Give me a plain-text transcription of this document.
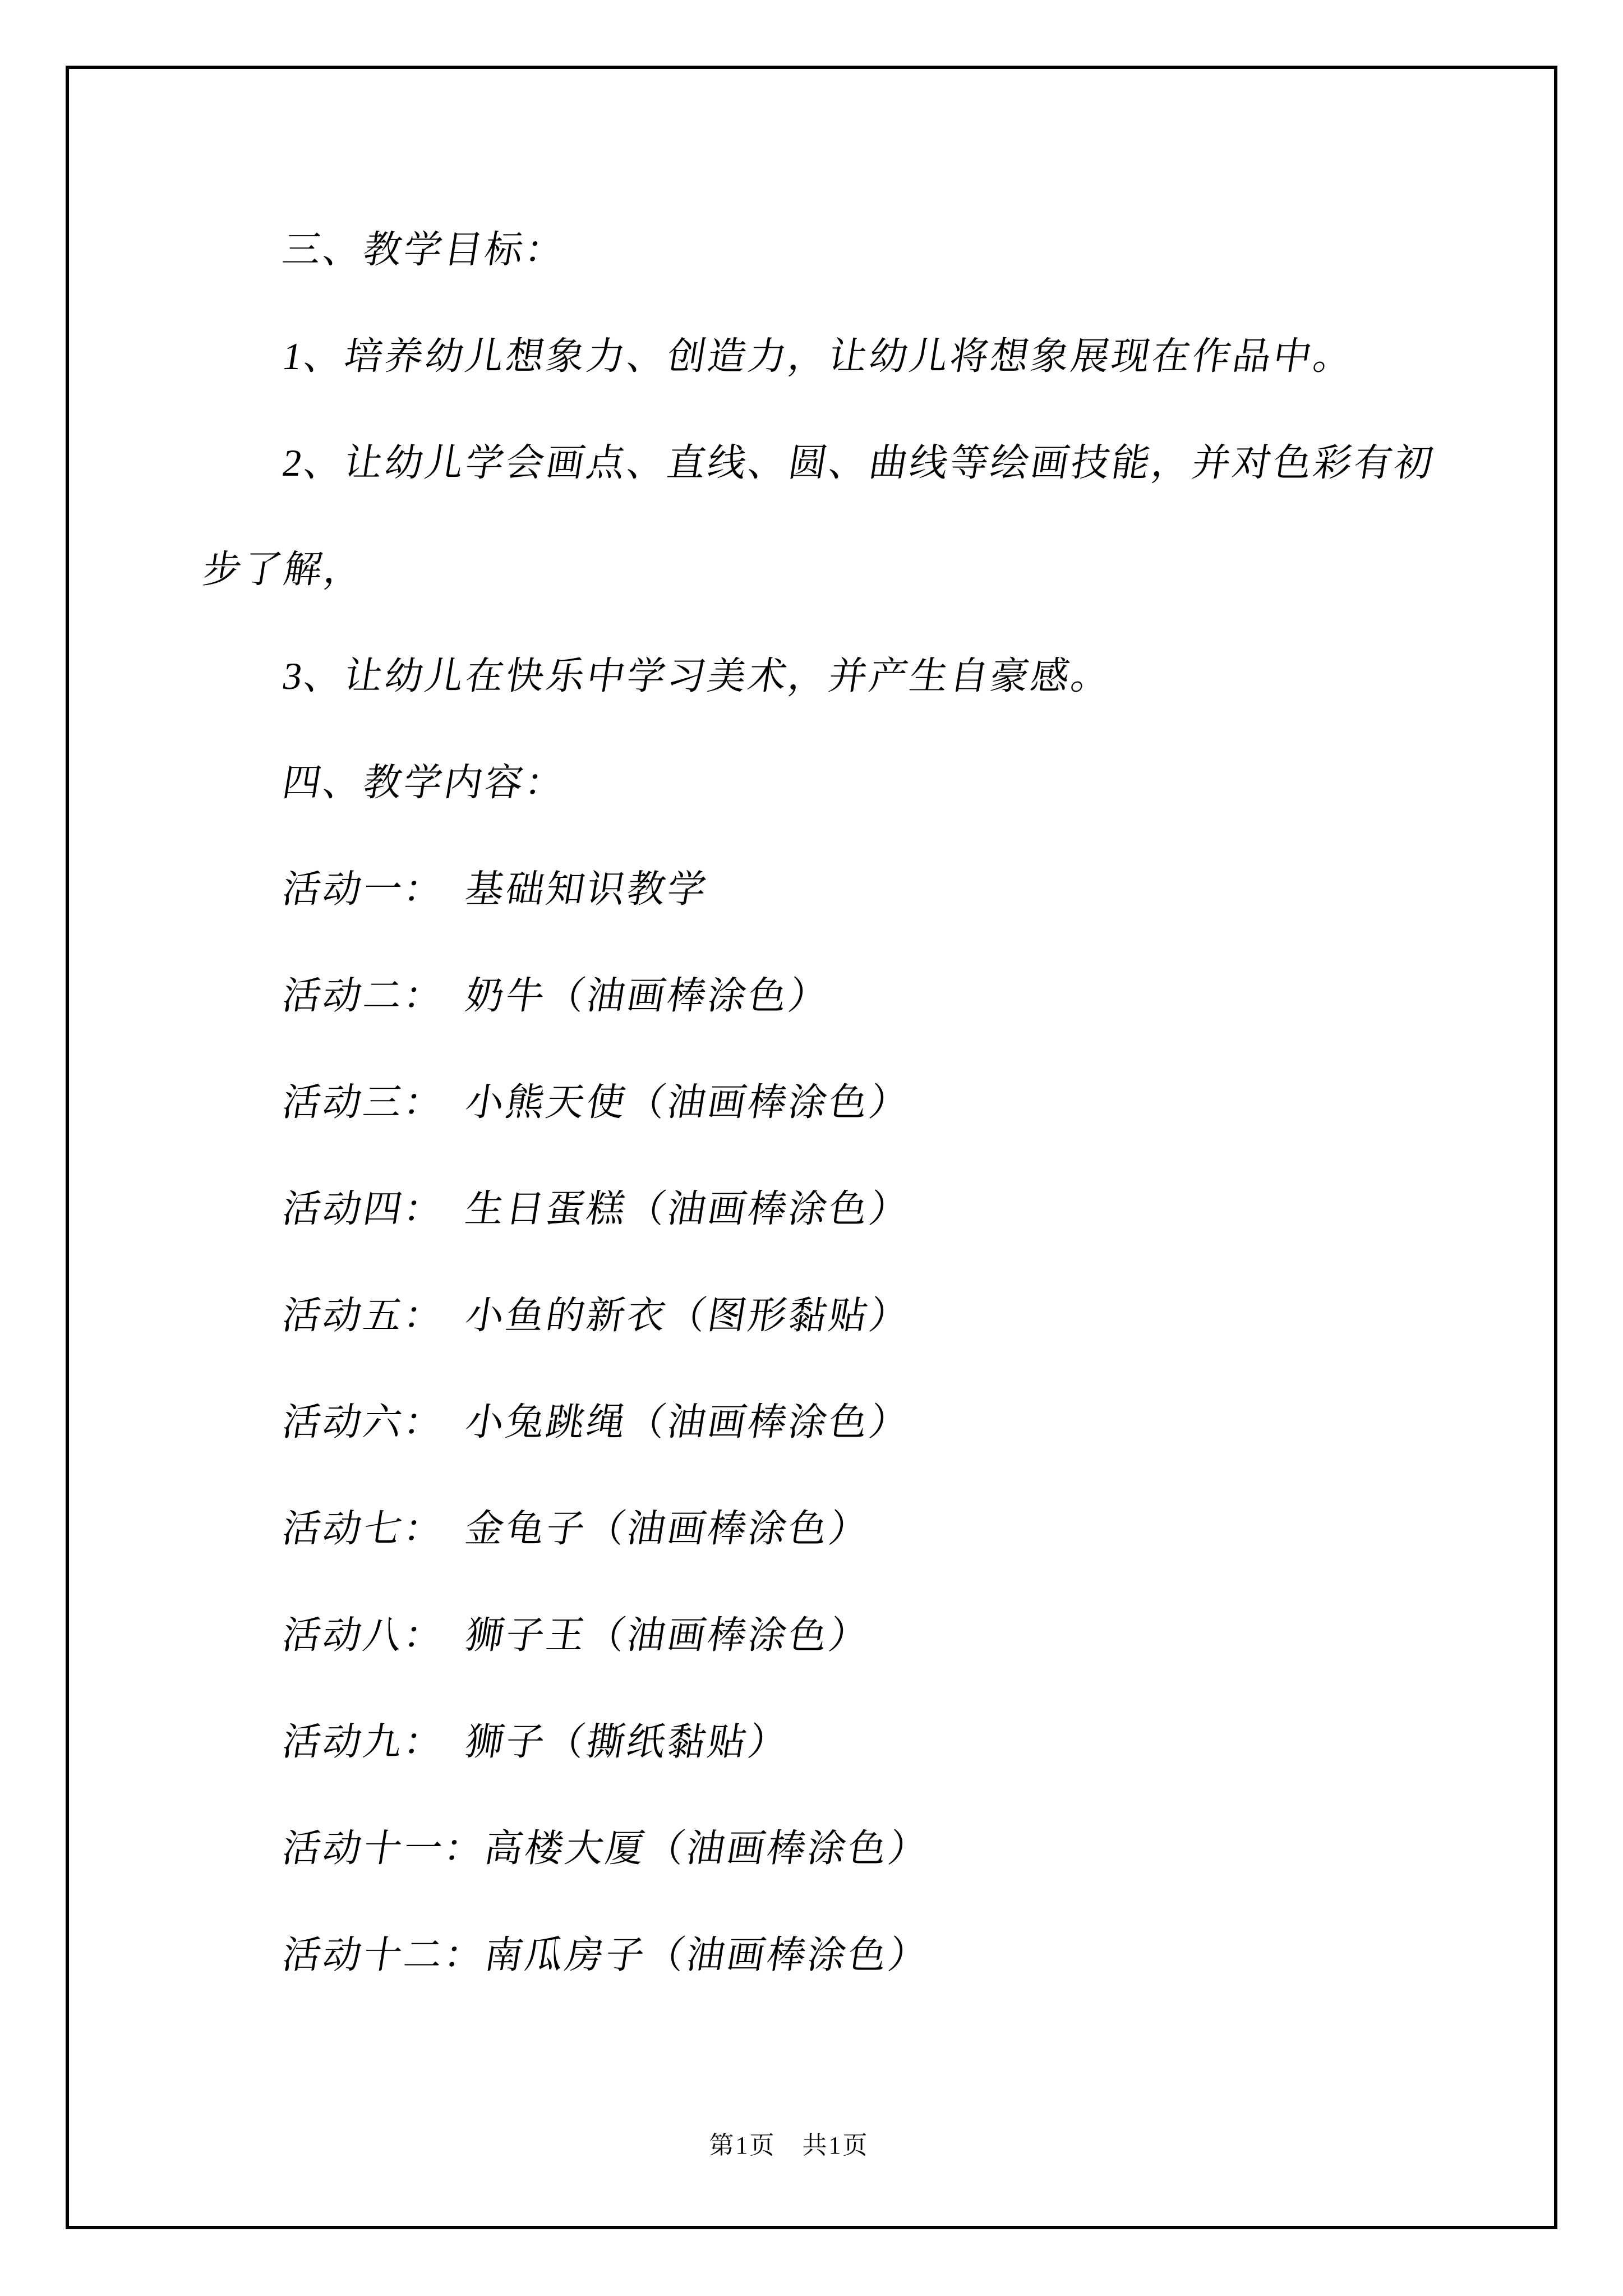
三、教学目标：
1、培养幼儿想象力、创造力，让幼儿将想象展现在作品中。
2、让幼儿学会画点、直线、圆、曲线等绘画技能，并对色彩有初
步了解，
3、让幼儿在快乐中学习美术，并产生自豪感。
四、教学内容：
活动一：　基础知识教学
活动二：　奶牛（油画棒涂色）
活动三：　小熊天使（油画棒涂色）
活动四：　生日蛋糕（油画棒涂色）
活动五：　小鱼的新衣（图形黏贴）
活动六：　小兔跳绳（油画棒涂色）
活动七：　金龟子（油画棒涂色）
活动八：　狮子王（油画棒涂色）
活动九：　狮子（撕纸黏贴）
活动十一：高楼大厦（油画棒涂色）
活动十二：南瓜房子（油画棒涂色）
第1页　共1页
